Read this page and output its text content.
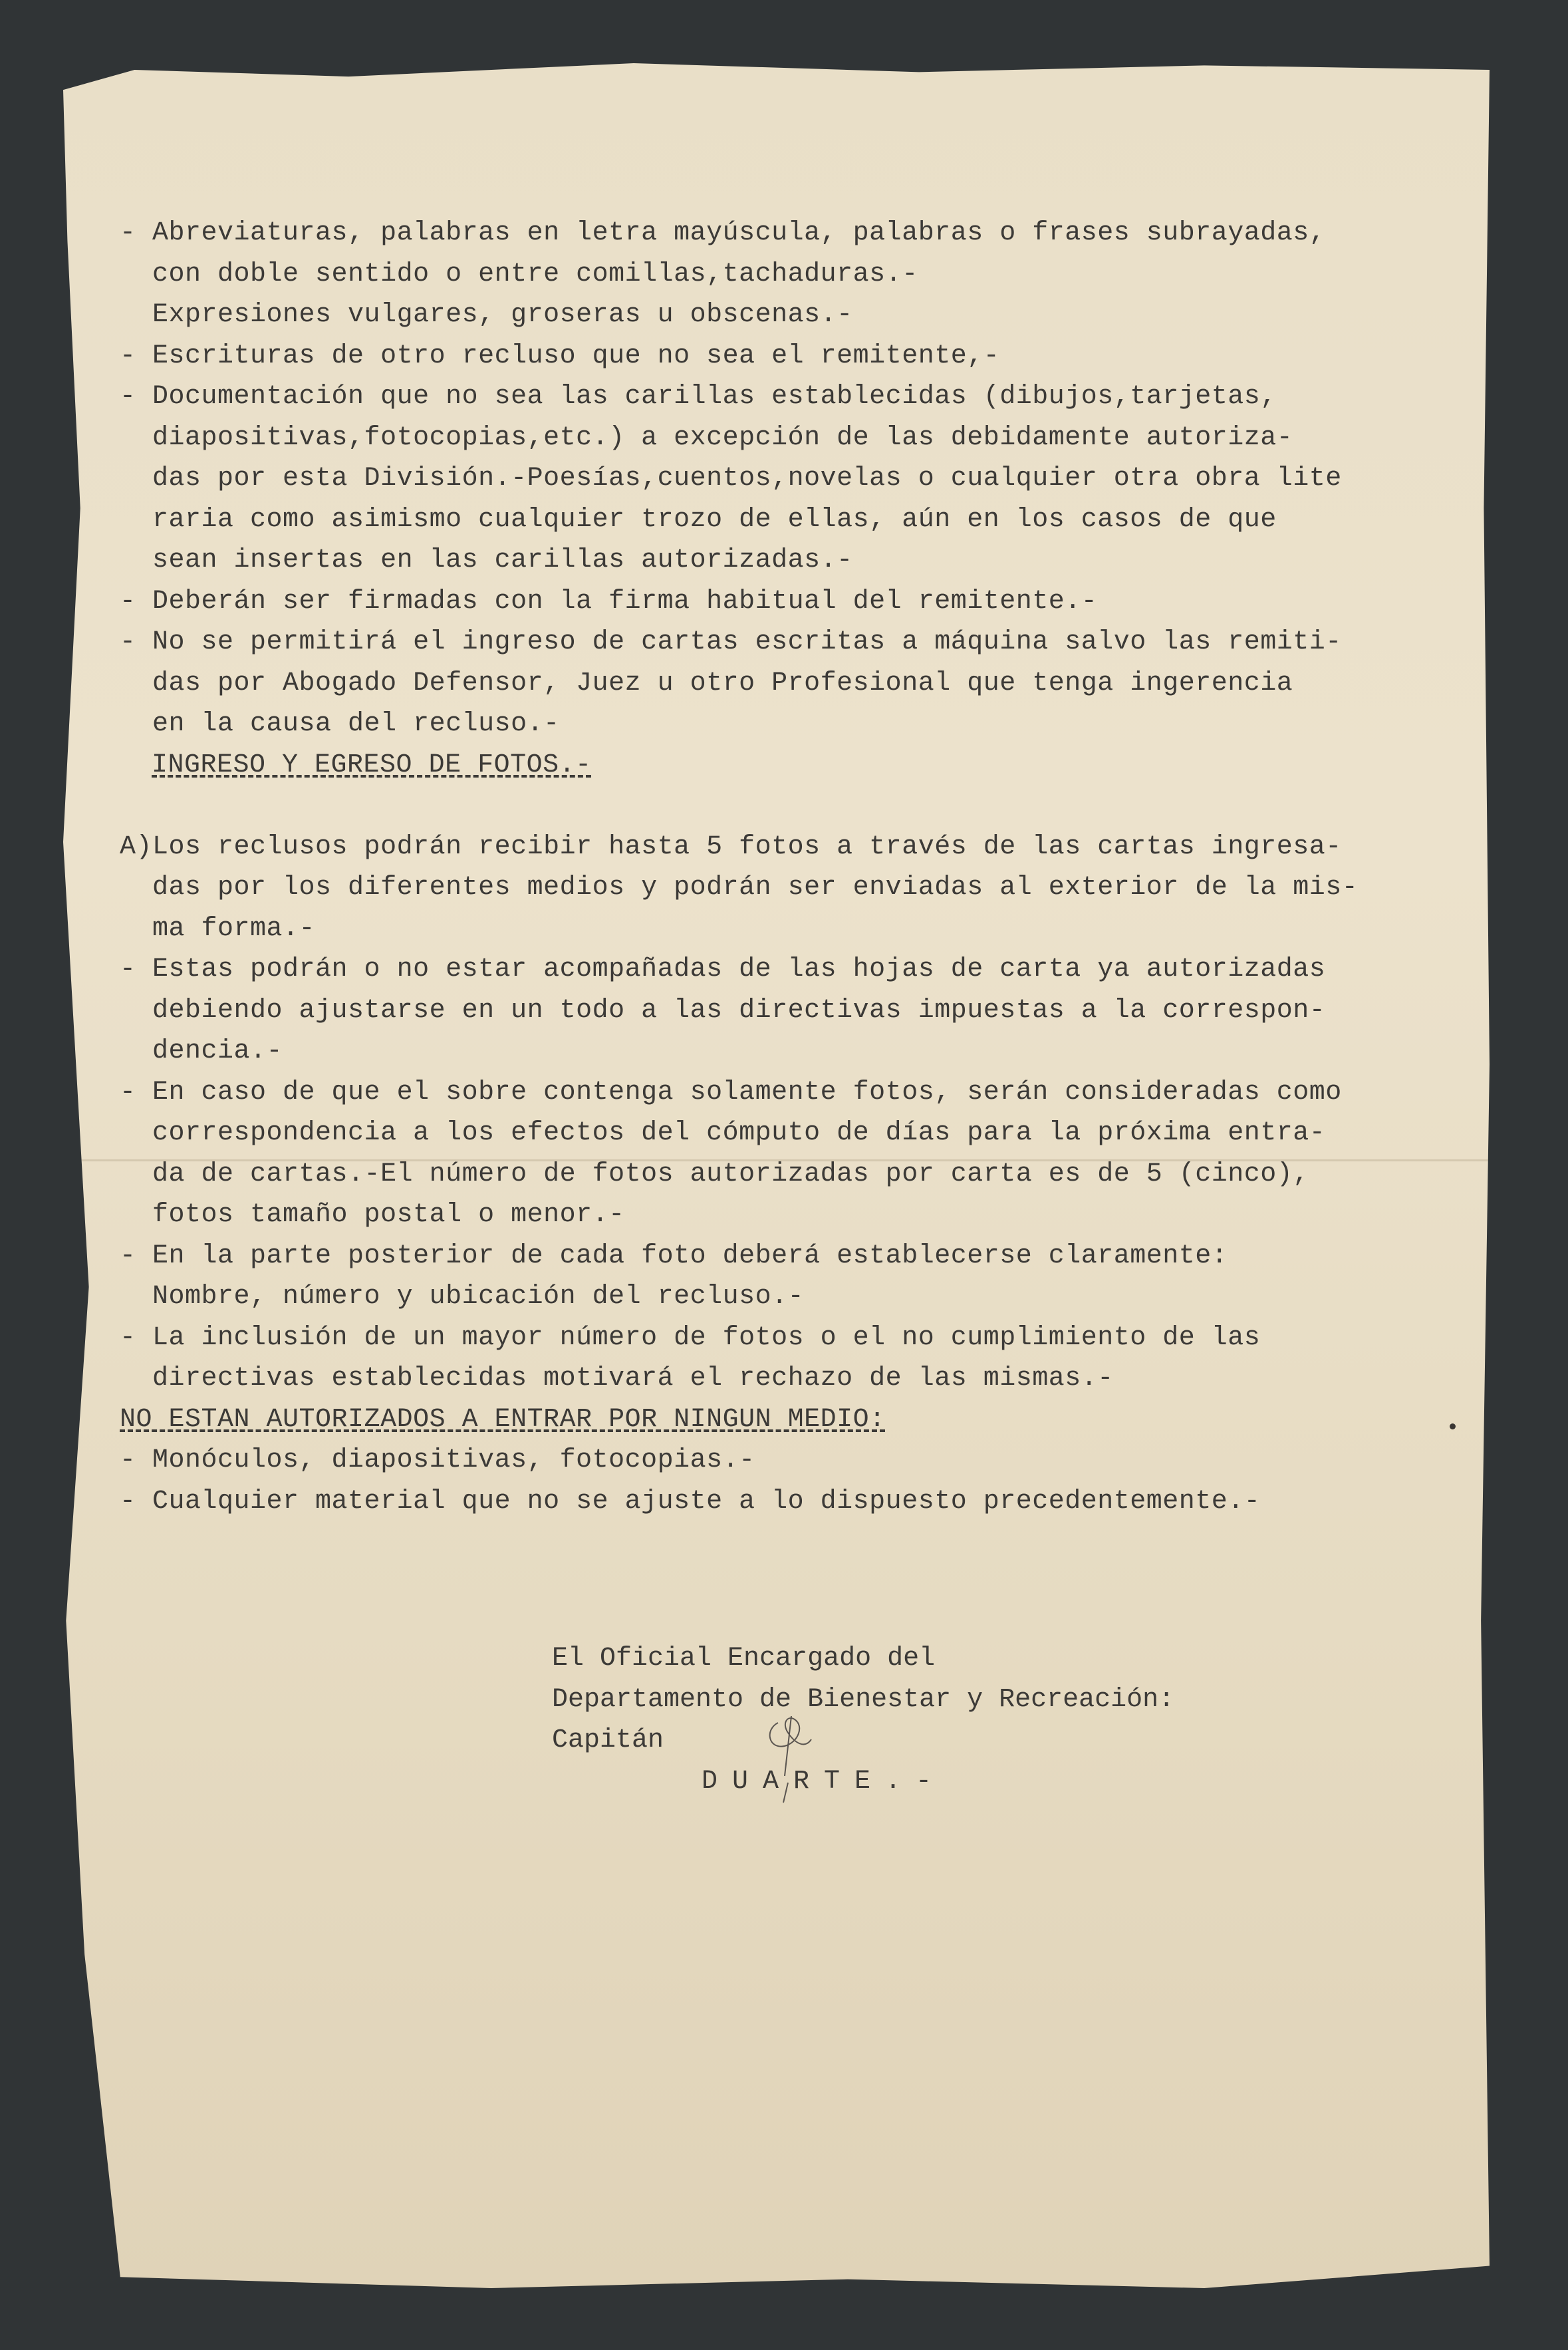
- Abreviaturas, palabras en letra mayúscula, palabras o frases subrayadas,
con doble sentido o entre comillas,tachaduras.-
Expresiones vulgares, groseras u obscenas.-
- Escrituras de otro recluso que no sea el remitente,-
- Documentación que no sea las carillas establecidas (dibujos,tarjetas,
diapositivas,fotocopias,etc.) a excepción de las debidamente autoriza-
das por esta División.-Poesías,cuentos,novelas o cualquier otra obra lite
raria como asimismo cualquier trozo de ellas, aún en los casos de que
sean insertas en las carillas autorizadas.-
- Deberán ser firmadas con la firma habitual del remitente.-
- No se permitirá el ingreso de cartas escritas a máquina salvo las remiti-
das por Abogado Defensor, Juez u otro Profesional que tenga ingerencia
en la causa del recluso.-
INGRESO Y EGRESO DE FOTOS.-
A)Los reclusos podrán recibir hasta 5 fotos a través de las cartas ingresa-
das por los diferentes medios y podrán ser enviadas al exterior de la mis-
ma forma.-
- Estas podrán o no estar acompañadas de las hojas de carta ya autorizadas
debiendo ajustarse en un todo a las directivas impuestas a la correspon-
dencia.-
- En caso de que el sobre contenga solamente fotos, serán consideradas como
correspondencia a los efectos del cómputo de días para la próxima entra-
da de cartas.-El número de fotos autorizadas por carta es de 5 (cinco),
fotos tamaño postal o menor.-
- En la parte posterior de cada foto deberá establecerse claramente:
Nombre, número y ubicación del recluso.-
- La inclusión de un mayor número de fotos o el no cumplimiento de las
directivas establecidas motivará el rechazo de las mismas.-
NO ESTAN AUTORIZADOS A ENTRAR POR NINGUN MEDIO:
- Monóculos, diapositivas, fotocopias.-
- Cualquier material que no se ajuste a lo dispuesto precedentemente.-
El Oficial Encargado del
Departamento de Bienestar y Recreación:
Capitán
DUARTE.-
